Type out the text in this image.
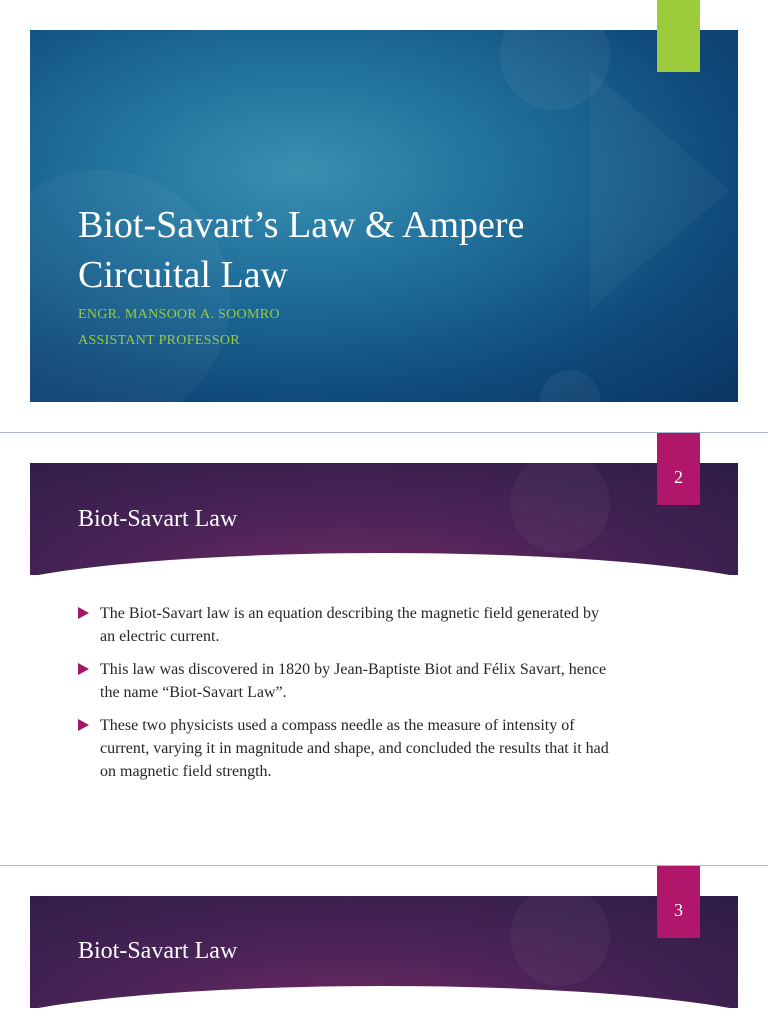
Biot-Savart’s Law & Ampere
Circuital Law
ENGR. MANSOOR A. SOOMRO
ASSISTANT PROFESSOR
Biot-Savart Law
2
The Biot-Savart law is an equation describing the magnetic field generated by an electric current.
This law was discovered in 1820 by Jean-Baptiste Biot and Félix Savart, hence the name “Biot-Savart Law”.
These two physicists used a compass needle as the measure of intensity of current, varying it in magnitude and shape, and concluded the results that it had on magnetic field strength.
Biot-Savart Law
3
